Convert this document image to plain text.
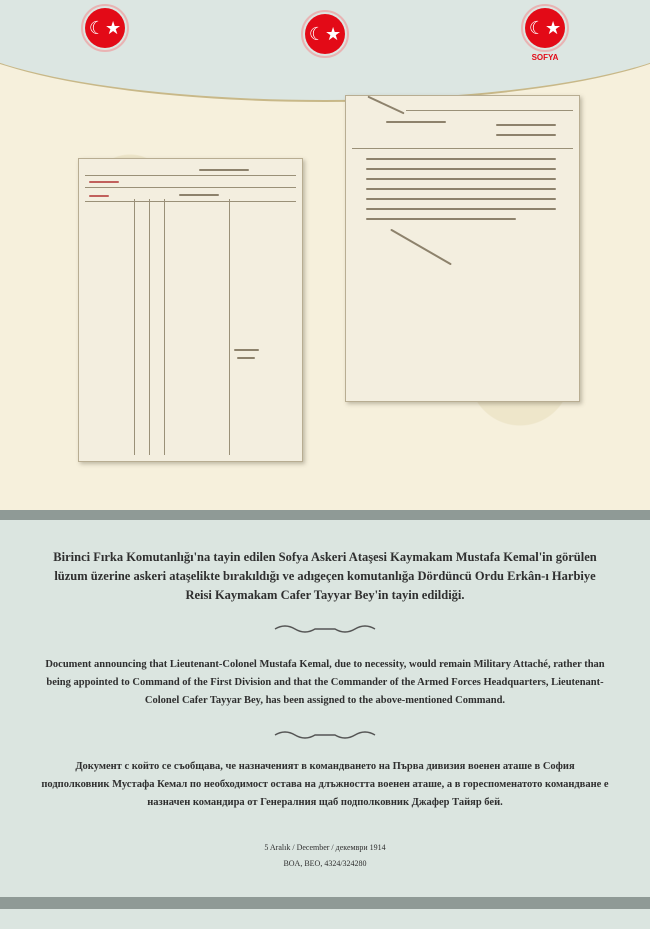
☾★	☾★	☾★
SOFYA
Birinci Fırka Komutanlığı'na tayin edilen Sofya Askeri Ataşesi Kaymakam Mustafa Kemal'in görülen lüzum üzerine askeri ataşelikte bırakıldığı ve adıgeçen komutanlığa Dördüncü Ordu Erkân-ı Harbiye Reisi Kaymakam Cafer Tayyar Bey'in tayin edildiği.
Document announcing that Lieutenant-Colonel Mustafa Kemal, due to necessity, would remain Military Attaché, rather than being appointed to Command of the First Division and that the Commander of the Armed Forces Headquarters, Lieutenant-Colonel Cafer Tayyar Bey, has been assigned to the above-mentioned Command.
Документ с който се съобщава, че назначеният в командването на Първа дивизия военен аташе в София подполковник Мустафа Кемал по необходимост остава на длъжността военен аташе, а в гореспоменатото командване е назначен командира от Генералния щаб подполковник Джафер Тайяр бей.
5 Aralık / December / декември 1914
BOA, BEO, 4324/324280
